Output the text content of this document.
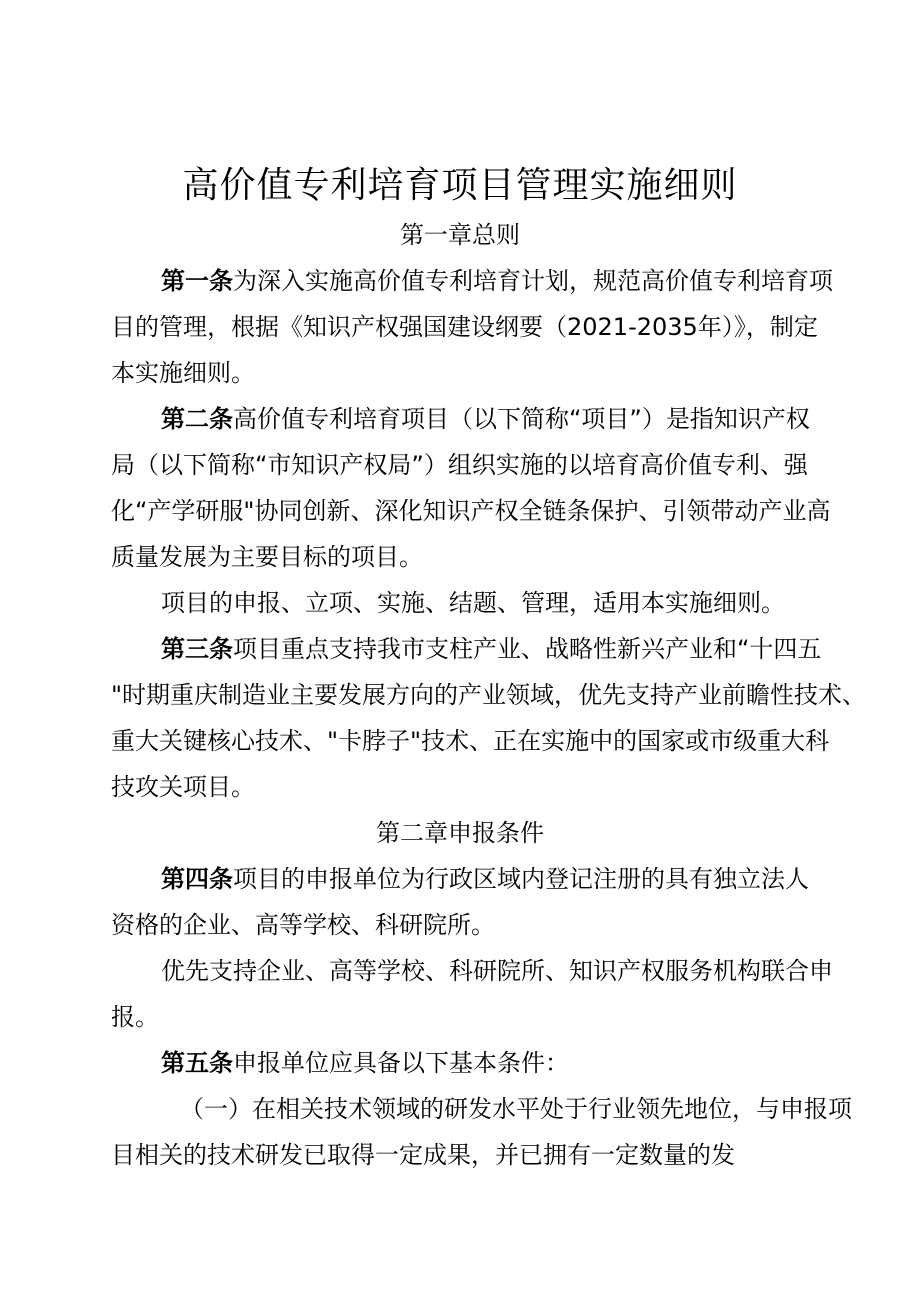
高价值专利培育项目管理实施细则
第一章总则
第一条为深入实施高价值专利培育计划，规范高价值专利培育项
目的管理，根据《知识产权强国建设纲要（2021-2035年）》，制定
本实施细则。
第二条高价值专利培育项目（以下简称“项目”）是指知识产权
局（以下简称“市知识产权局”）组织实施的以培育高价值专利、强
化“产学研服"协同创新、深化知识产权全链条保护、引领带动产业高
质量发展为主要目标的项目。
项目的申报、立项、实施、结题、管理，适用本实施细则。
第三条项目重点支持我市支柱产业、战略性新兴产业和“十四五
"时期重庆制造业主要发展方向的产业领域，优先支持产业前瞻性技术、
重大关键核心技术、"卡脖子"技术、正在实施中的国家或市级重大科
技攻关项目。
第二章申报条件
第四条项目的申报单位为行政区域内登记注册的具有独立法人
资格的企业、高等学校、科研院所。
优先支持企业、高等学校、科研院所、知识产权服务机构联合申
报。
第五条申报单位应具备以下基本条件：
（一）在相关技术领域的研发水平处于行业领先地位，与申报项
目相关的技术研发已取得一定成果，并已拥有一定数量的发
